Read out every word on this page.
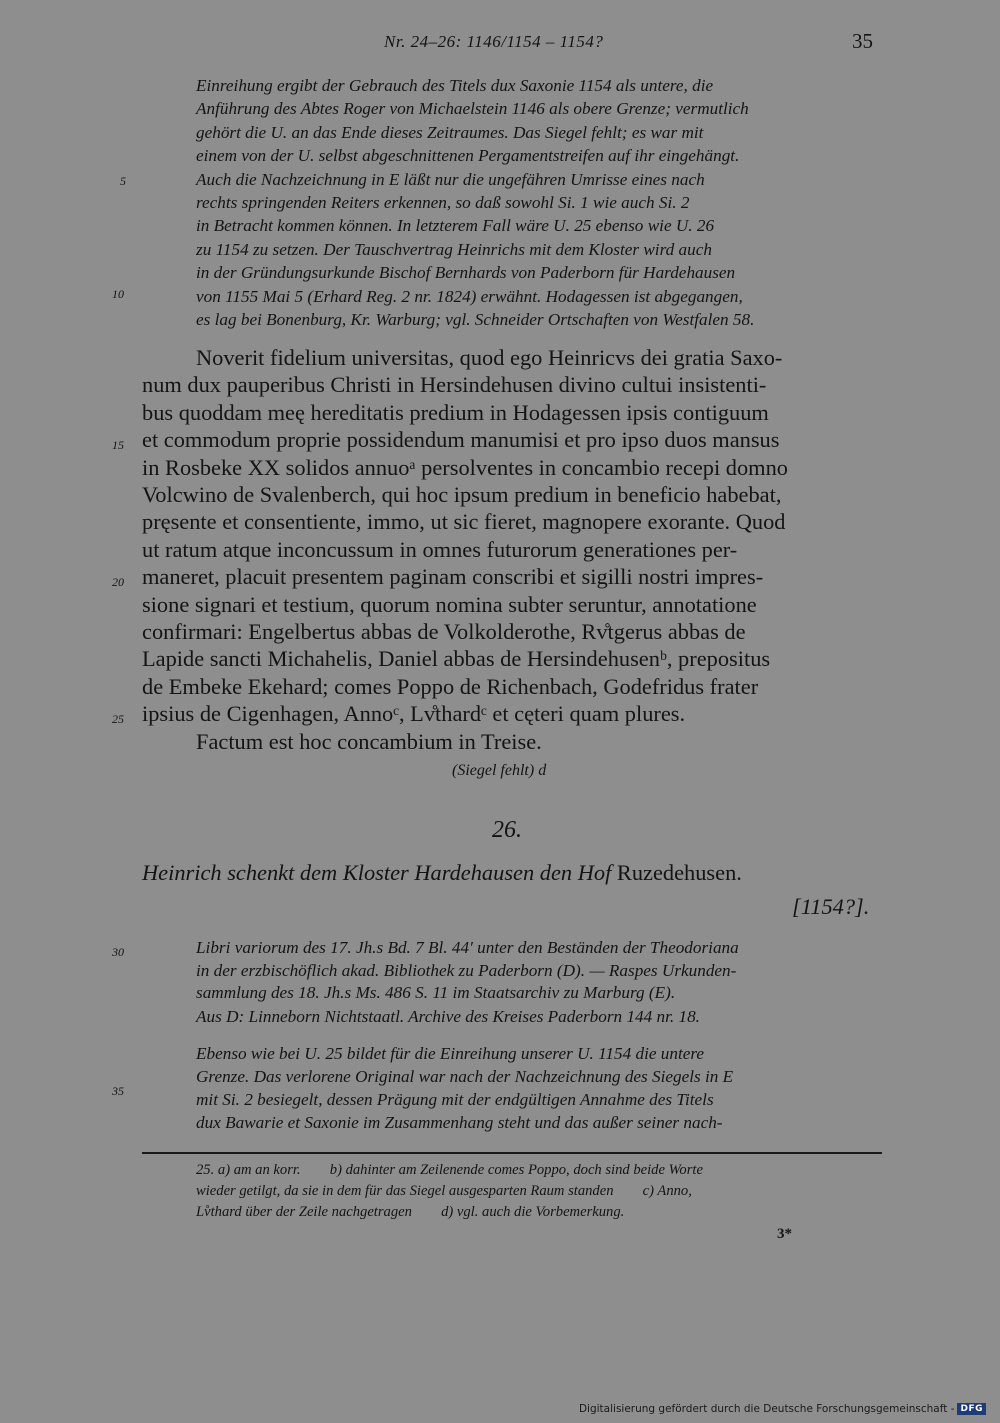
Nr. 24–26: 1146/1154 – 1154?	35
Einreihung ergibt der Gebrauch des Titels dux Saxonie 1154 als untere, die
Anführung des Abtes Roger von Michaelstein 1146 als obere Grenze; vermutlich
gehört die U. an das Ende dieses Zeitraumes. Das Siegel fehlt; es war mit
einem von der U. selbst abgeschnittenen Pergamentstreifen auf ihr eingehängt.
Auch die Nachzeichnung in E läßt nur die ungefähren Umrisse eines nach
rechts springenden Reiters erkennen, so daß sowohl Si. 1 wie auch Si. 2
in Betracht kommen können. In letzterem Fall wäre U. 25 ebenso wie U. 26
zu 1154 zu setzen. Der Tauschvertrag Heinrichs mit dem Kloster wird auch
in der Gründungsurkunde Bischof Bernhards von Paderborn für Hardehausen
von 1155 Mai 5 (Erhard Reg. 2 nr. 1824) erwähnt. Hodagessen ist abgegangen,
es lag bei Bonenburg, Kr. Warburg; vgl. Schneider Ortschaften von Westfalen 58.
5
10
15
20
25
30
35
Noverit fidelium universitas, quod ego Heinricvs dei gratia Saxo-
num dux pauperibus Christi in Hersindehusen divino cultui insistenti-
bus quoddam meę hereditatis predium in Hodagessen ipsis contiguum
et commodum proprie possidendum manumisi et pro ipso duos mansus
in Rosbeke XX solidos annuoᵃ persolventes in concambio recepi domno
Volcwino de Svalenberch, qui hoc ipsum predium in beneficio habebat,
pręsente et consentiente, immo, ut sic fieret, magnopere exorante. Quod
ut ratum atque inconcussum in omnes futurorum generationes per-
maneret, placuit presentem paginam conscribi et sigilli nostri impres-
sione signari et testium, quorum nomina subter seruntur, annotatione
confirmari: Engelbertus abbas de Volkolderothe, Rv̊tgerus abbas de
Lapide sancti Michahelis, Daniel abbas de Hersindehusenᵇ, prepositus
de Embeke Ekehard; comes Poppo de Richenbach, Godefridus frater
ipsius de Cigenhagen, Annoᶜ, Lv̊thardᶜ et cęteri quam plures.
Factum est hoc concambium in Treise.
(Siegel fehlt) d
26.
Heinrich schenkt dem Kloster Hardehausen den Hof Ruzedehusen.
[1154?].
Libri variorum des 17. Jh.s Bd. 7 Bl. 44′ unter den Beständen der Theodoriana
in der erzbischöflich akad. Bibliothek zu Paderborn (D). — Raspes Urkunden-
sammlung des 18. Jh.s Ms. 486 S. 11 im Staatsarchiv zu Marburg (E).
Aus D: Linneborn Nichtstaatl. Archive des Kreises Paderborn 144 nr. 18.
Ebenso wie bei U. 25 bildet für die Einreihung unserer U. 1154 die untere
Grenze. Das verlorene Original war nach der Nachzeichnung des Siegels in E
mit Si. 2 besiegelt, dessen Prägung mit der endgültigen Annahme des Titels
dux Bawarie et Saxonie im Zusammenhang steht und das außer seiner nach-
25. a) am an korr.        b) dahinter am Zeilenende comes Poppo, doch sind beide Worte
wieder getilgt, da sie in dem für das Siegel ausgesparten Raum standen        c) Anno,
Lv̊thard über der Zeile nachgetragen        d) vgl. auch die Vorbemerkung.
3*
Digitalisierung gefördert durch die Deutsche Forschungsgemeinschaft - DFG
